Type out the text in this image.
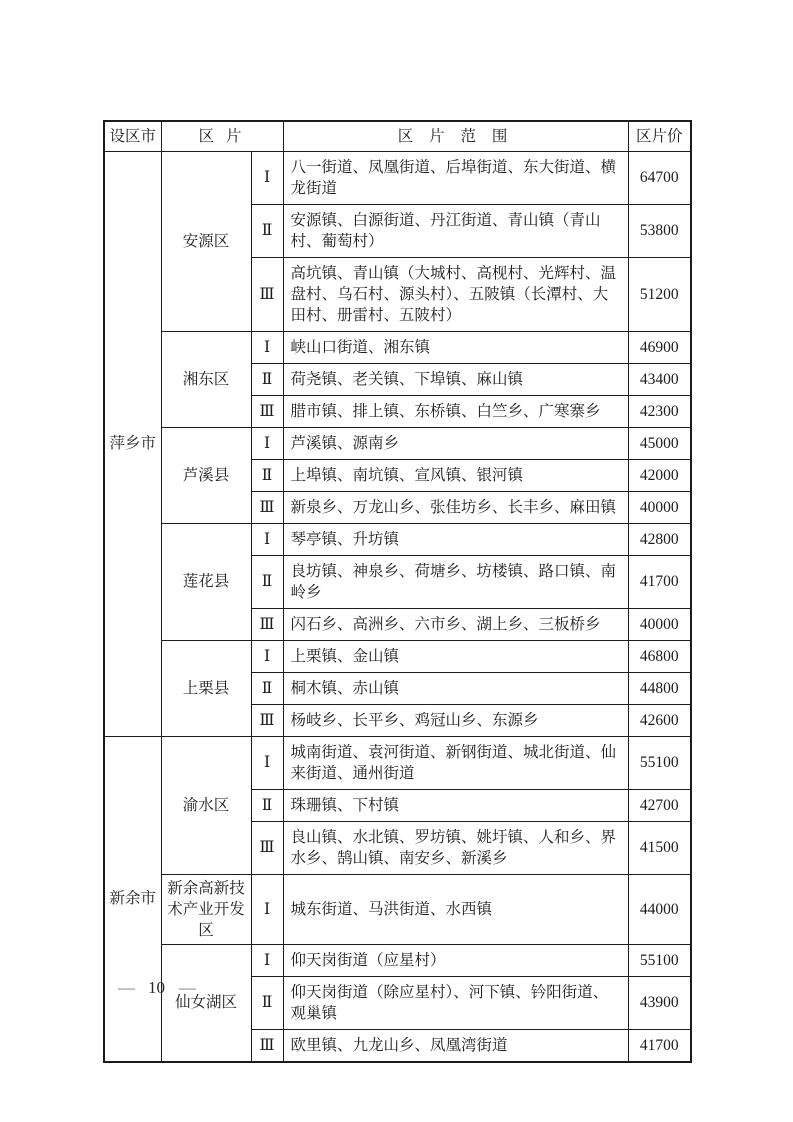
设区市	区 片		区 片 范 围	区片价
萍乡市	安源区	Ⅰ	八一街道、凤凰街道、后埠街道、东大街道、横龙街道	64700
		Ⅱ	安源镇、白源街道、丹江街道、青山镇（青山村、葡萄村）	53800
		Ⅲ	高坑镇、青山镇（大城村、高枧村、光辉村、温盘村、乌石村、源头村）、五陂镇（长潭村、大田村、册雷村、五陂村）	51200
	湘东区	Ⅰ	峡山口街道、湘东镇	46900
		Ⅱ	荷尧镇、老关镇、下埠镇、麻山镇	43400
		Ⅲ	腊市镇、排上镇、东桥镇、白竺乡、广寒寨乡	42300
	芦溪县	Ⅰ	芦溪镇、源南乡	45000
		Ⅱ	上埠镇、南坑镇、宣风镇、银河镇	42000
		Ⅲ	新泉乡、万龙山乡、张佳坊乡、长丰乡、麻田镇	40000
	莲花县	Ⅰ	琴亭镇、升坊镇	42800
		Ⅱ	良坊镇、神泉乡、荷塘乡、坊楼镇、路口镇、南岭乡	41700
		Ⅲ	闪石乡、高洲乡、六市乡、湖上乡、三板桥乡	40000
	上栗县	Ⅰ	上栗镇、金山镇	46800
		Ⅱ	桐木镇、赤山镇	44800
		Ⅲ	杨岐乡、长平乡、鸡冠山乡、东源乡	42600
新余市	渝水区	Ⅰ	城南街道、袁河街道、新钢街道、城北街道、仙来街道、通州街道	55100
		Ⅱ	珠珊镇、下村镇	42700
		Ⅲ	良山镇、水北镇、罗坊镇、姚圩镇、人和乡、界水乡、鹄山镇、南安乡、新溪乡	41500
	新余高新技术产业开发区	Ⅰ	城东街道、马洪街道、水西镇	44000
	仙女湖区	Ⅰ	仰天岗街道（应星村）	55100
		Ⅱ	仰天岗街道（除应星村）、河下镇、钤阳街道、观巢镇	43900
		Ⅲ	欧里镇、九龙山乡、凤凰湾街道	41700
— 10 —
